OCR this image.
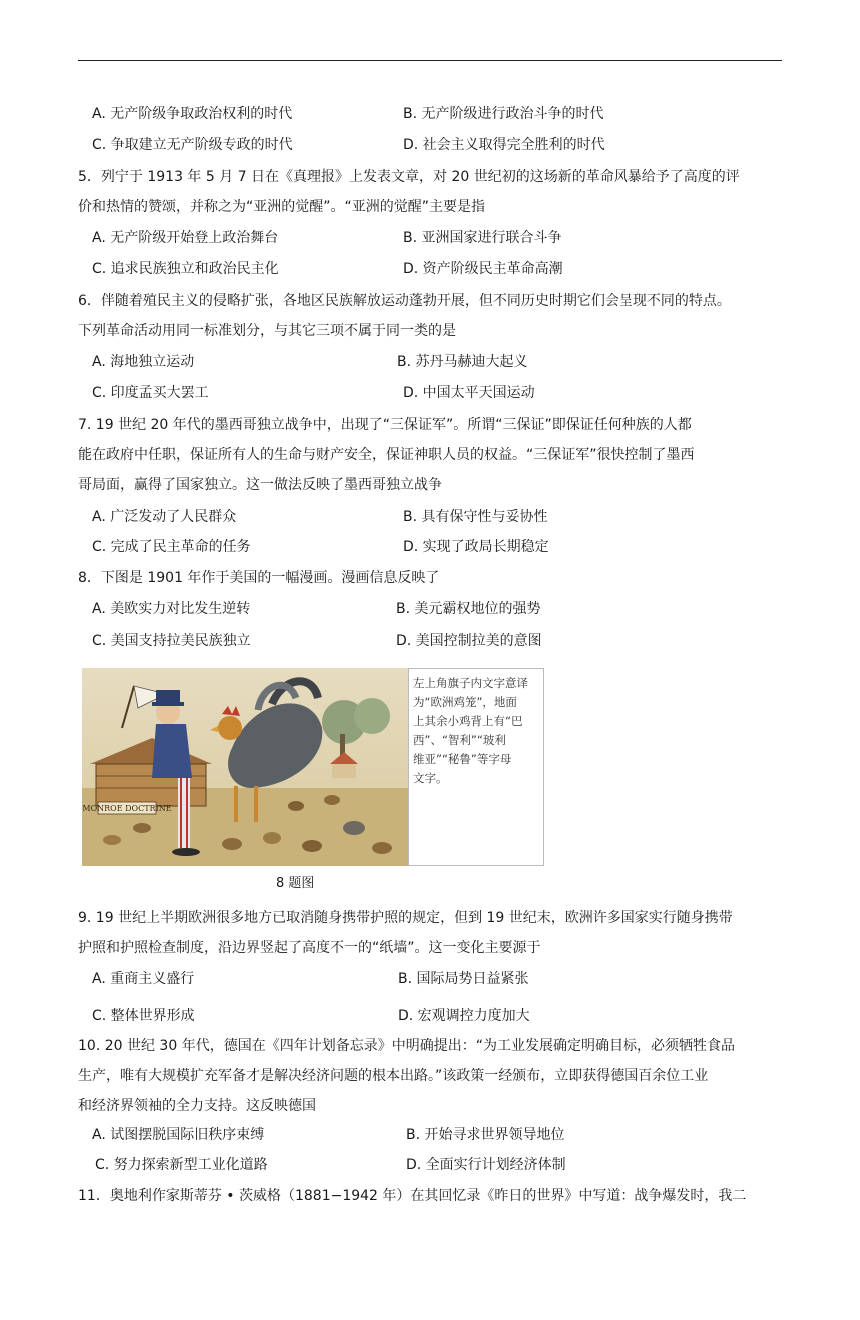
A. 无产阶级争取政治权利的时代	B. 无产阶级进行政治斗争的时代
C. 争取建立无产阶级专政的时代	D. 社会主义取得完全胜利的时代
5．列宁于 1913 年 5 月 7 日在《真理报》上发表文章，对 20 世纪初的这场新的革命风暴给予了高度的评
价和热情的赞颂，并称之为“亚洲的觉醒”。“亚洲的觉醒”主要是指
A. 无产阶级开始登上政治舞台	B. 亚洲国家进行联合斗争
C. 追求民族独立和政治民主化	D. 资产阶级民主革命高潮
6．伴随着殖民主义的侵略扩张，各地区民族解放运动蓬勃开展，但不同历史时期它们会呈现不同的特点。
下列革命活动用同一标准划分，与其它三项不属于同一类的是
A. 海地独立运动	B. 苏丹马赫迪大起义
C. 印度孟买大罢工	D. 中国太平天国运动
7. 19 世纪 20 年代的墨西哥独立战争中，出现了“三保证军”。所谓“三保证”即保证任何种族的人都
能在政府中任职，保证所有人的生命与财产安全，保证神职人员的权益。“三保证军”很快控制了墨西
哥局面，赢得了国家独立。这一做法反映了墨西哥独立战争
A. 广泛发动了人民群众	B. 具有保守性与妥协性
C. 完成了民主革命的任务	D. 实现了政局长期稳定
8．下图是 1901 年作于美国的一幅漫画。漫画信息反映了
A. 美欧实力对比发生逆转	B. 美元霸权地位的强势
C. 美国支持拉美民族独立	D. 美国控制拉美的意图
MONROE DOCTRINE
左上角旗子内文字意译
为“欧洲鸡笼”，地面
上其余小鸡背上有“巴
西”、“智利”“玻利
维亚”“秘鲁”等字母
文字。
8 题图
9. 19 世纪上半期欧洲很多地方已取消随身携带护照的规定，但到 19 世纪末，欧洲许多国家实行随身携带
护照和护照检查制度，沿边界竖起了高度不一的“纸墙”。这一变化主要源于
A. 重商主义盛行	B. 国际局势日益紧张
C. 整体世界形成	D. 宏观调控力度加大
10. 20 世纪 30 年代，德国在《四年计划备忘录》中明确提出：“为工业发展确定明确目标，必须牺牲食品
生产，唯有大规模扩充军备才是解决经济问题的根本出路。”该政策一经颁布，立即获得德国百余位工业
和经济界领袖的全力支持。这反映德国
A. 试图摆脱国际旧秩序束缚	B. 开始寻求世界领导地位
C. 努力探索新型工业化道路	D. 全面实行计划经济体制
11．奥地利作家斯蒂芬 • 茨威格（1881−1942 年）在其回忆录《昨日的世界》中写道：战争爆发时，我二
